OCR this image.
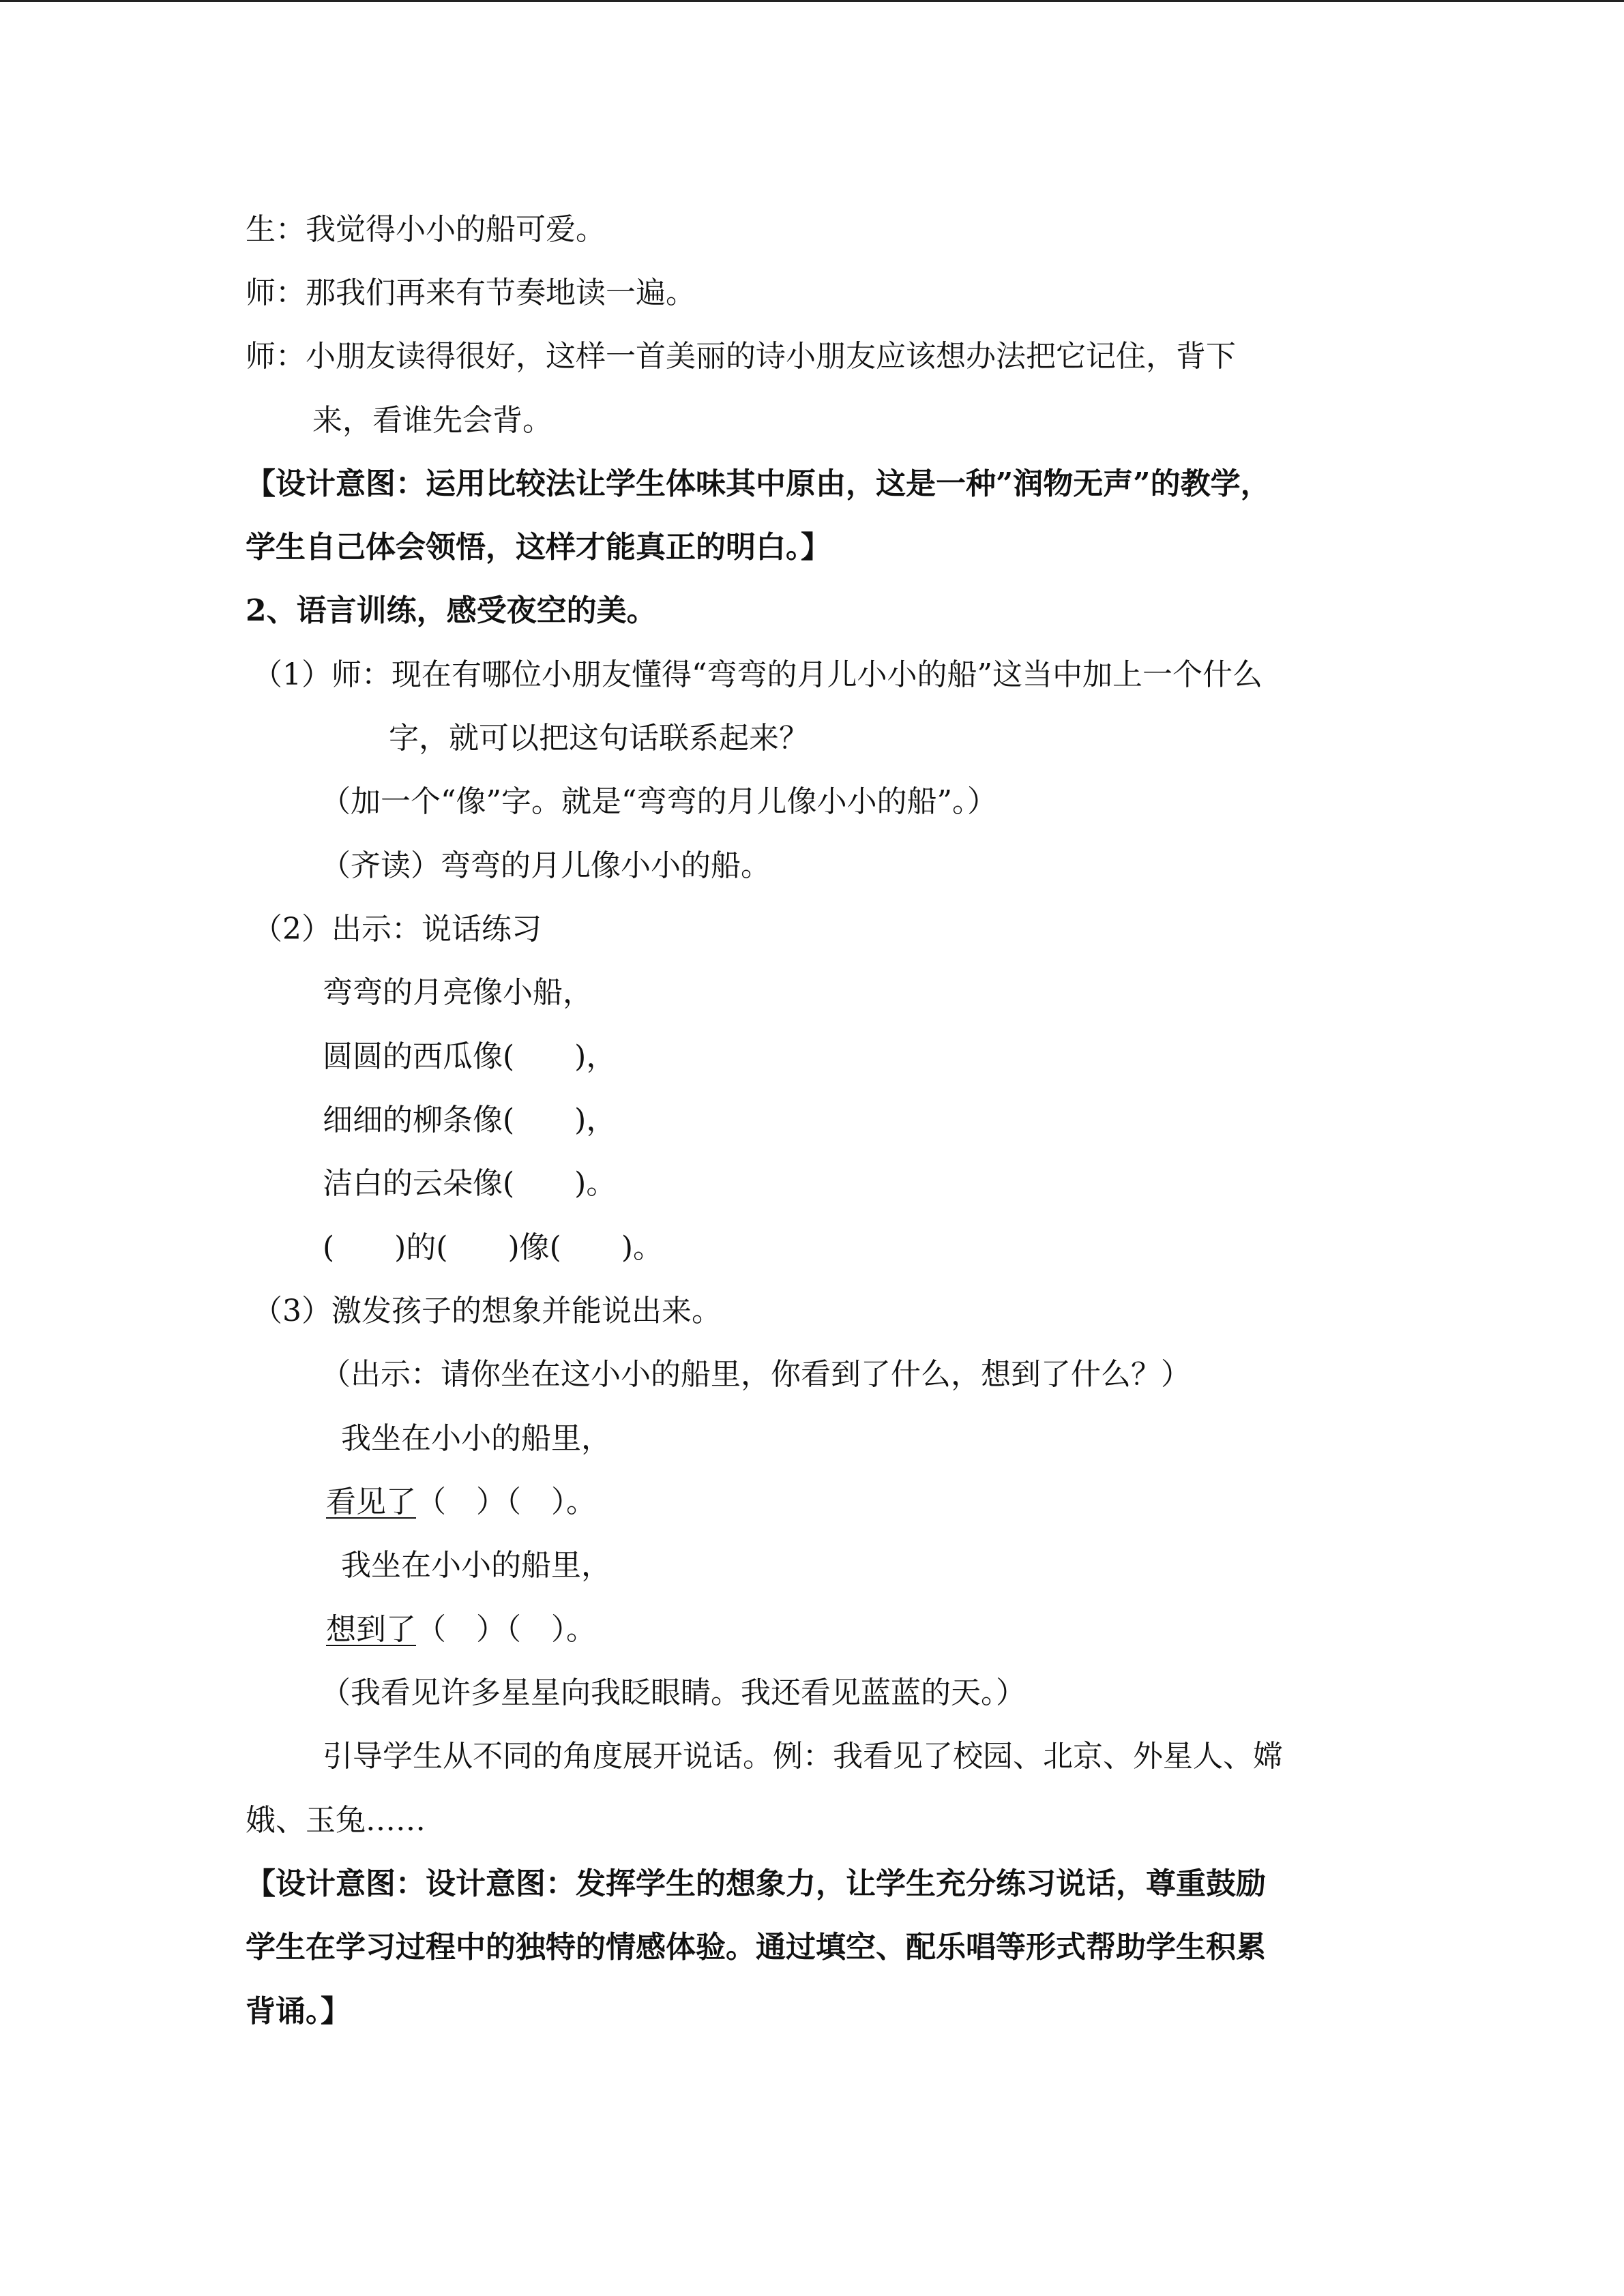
生：我觉得小小的船可爱。
师：那我们再来有节奏地读一遍。
师：小朋友读得很好，这样一首美丽的诗小朋友应该想办法把它记住，背下
来，看谁先会背。
【设计意图：运用比较法让学生体味其中原由，这是一种”润物无声”的教学，
学生自己体会领悟，这样才能真正的明白。】
2、语言训练，感受夜空的美。
（1）师：现在有哪位小朋友懂得“弯弯的月儿小小的船”这当中加上一个什么
字，就可以把这句话联系起来？
（加一个“像”字。就是“弯弯的月儿像小小的船”。）
（齐读）弯弯的月儿像小小的船。
（2）出示：说话练习
弯弯的月亮像小船，
圆圆的西瓜像(　　)，
细细的柳条像(　　)，
洁白的云朵像(　　)。
(　　)的(　　)像(　　)。
（3）激发孩子的想象并能说出来。
（出示：请你坐在这小小的船里，你看到了什么，想到了什么？）
我坐在小小的船里，
看见了（　）（　）。
我坐在小小的船里，
想到了（　）（　）。
（我看见许多星星向我眨眼睛。我还看见蓝蓝的天。）
引导学生从不同的角度展开说话。例：我看见了校园、北京、外星人、嫦
娥、玉兔……
【设计意图：设计意图：发挥学生的想象力，让学生充分练习说话，尊重鼓励
学生在学习过程中的独特的情感体验。通过填空、配乐唱等形式帮助学生积累
背诵。】
